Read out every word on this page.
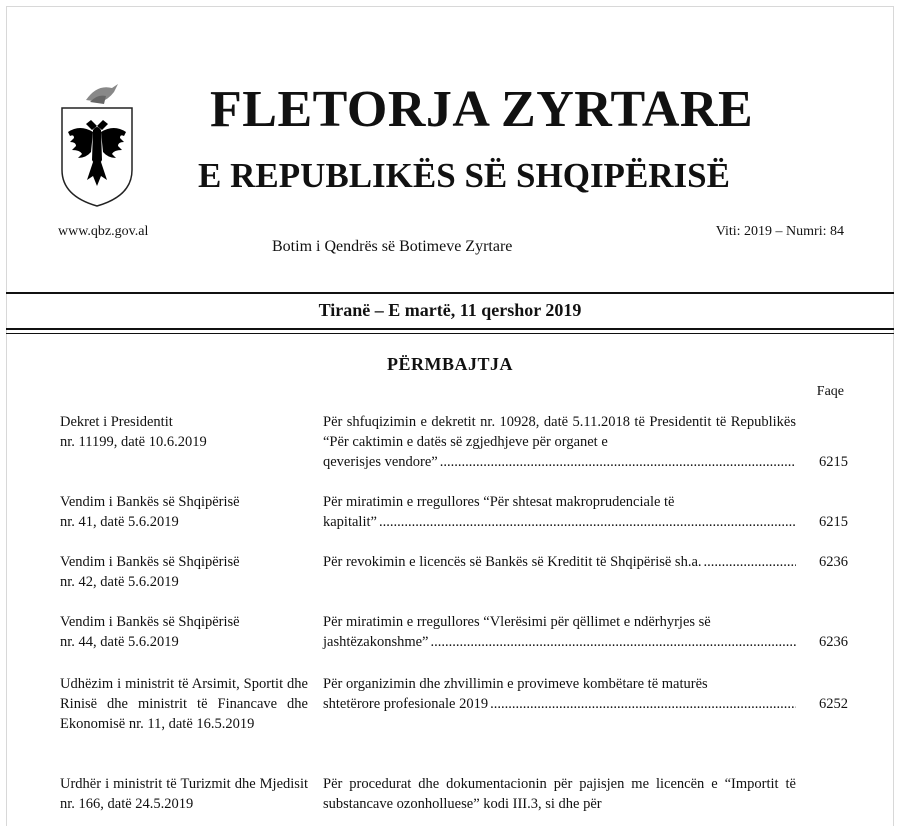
www.qbz.gov.al
FLETORJA ZYRTARE
E REPUBLIKËS SË SHQIPËRISË
Viti: 2019 – Numri: 84
Botim i Qendrës së Botimeve Zyrtare
Tiranë – E martë, 11 qershor 2019
PËRMBAJTJA
Faqe
Dekret i Presidentit
nr. 11199, datë 10.6.2019
Për shfuqizimin e dekretit nr. 10928, datë 5.11.2018 të Presidentit të Republikës “Për caktimin e datës së zgjedhjeve për organet e
qeverisjes vendore” .....	6215
Vendim i Bankës së Shqipërisë
nr. 41, datë 5.6.2019
Për miratimin e rregullores “Për shtesat makroprudenciale të
kapitalit” .....	6215
Vendim i Bankës së Shqipërisë
nr. 42, datë 5.6.2019
Për revokimin e licencës së Bankës së Kreditit të Shqipërisë sh.a. .....	6236
Vendim i Bankës së Shqipërisë
nr. 44, datë 5.6.2019
Për miratimin e rregullores “Vlerësimi për qëllimet e ndërhyrjes së
jashtëzakonshme” .....	6236
Udhëzim i ministrit të Arsimit, Sportit dhe Rinisë dhe ministrit të Financave dhe Ekonomisë nr. 11, datë 16.5.2019
Për organizimin dhe zhvillimin e provimeve kombëtare të maturës
shtetërore profesionale 2019 .....	6252
Urdhër i ministrit të Turizmit dhe Mjedisit nr. 166, datë 24.5.2019
Për procedurat dhe dokumentacionin për pajisjen me licencën e “Importit të substancave ozonholluese” kodi III.3, si dhe për
